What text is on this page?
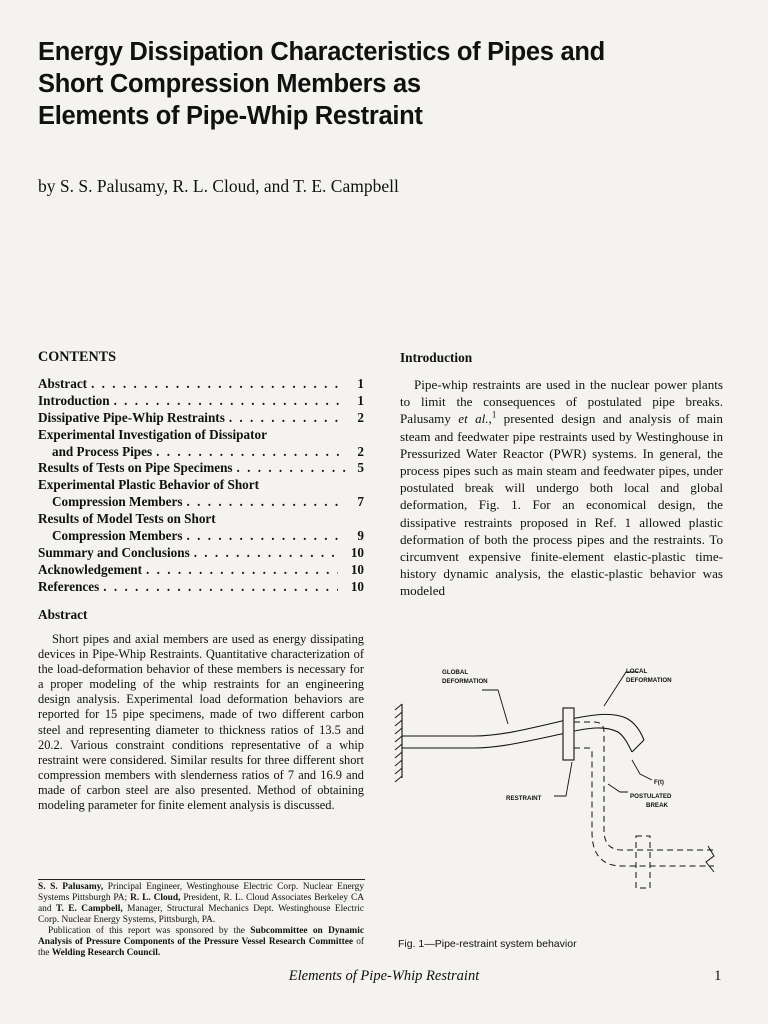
Energy Dissipation Characteristics of Pipes and
Short Compression Members as
Elements of Pipe-Whip Restraint
by S. S. Palusamy, R. L. Cloud, and T. E. Campbell
CONTENTS
Abstract . . .	1
Introduction . . .	1
Dissipative Pipe-Whip Restraints . . .	2
Experimental Investigation of Dissipator
and Process Pipes . . .	2
Results of Tests on Pipe Specimens . . .	5
Experimental Plastic Behavior of Short
Compression Members . . .	7
Results of Model Tests on Short
Compression Members . . .	9
Summary and Conclusions . . .	10
Acknowledgement . . .	10
References . . .	10
Abstract
Short pipes and axial members are used as energy dissipating devices in Pipe-Whip Restraints. Quantitative characterization of the load-deformation behavior of these members is necessary for a proper modeling of the whip restraints for an engineering design analysis. Experimental load deformation behaviors are reported for 15 pipe specimens, made of two different carbon steel and representing diameter to thickness ratios of 13.5 and 20.2. Various constraint conditions representative of a whip restraint were considered. Similar results for three different short compression members with slenderness ratios of 7 and 16.9 and made of carbon steel are also presented. Method of obtaining modeling parameter for finite element analysis is discussed.
Introduction
Pipe-whip restraints are used in the nuclear power plants to limit the consequences of postulated pipe breaks. Palusamy et al.,$^1$ presented design and analysis of main steam and feedwater pipe restraints used by Westinghouse in Pressurized Water Reactor (PWR) systems. In general, the process pipes such as main steam and feedwater pipes, under postulated break will undergo both local and global deformation, Fig. 1. For an economical design, the dissipative restraints proposed in Ref. 1 allowed plastic deformation of both the process pipes and the restraints. To circumvent expensive finite-element elastic-plastic time-history dynamic analysis, the elastic-plastic behavior was modeled
S. S. Palusamy, Principal Engineer, Westinghouse Electric Corp. Nuclear Energy Systems Pittsburgh PA; R. L. Cloud, President, R. L. Cloud Associates Berkeley CA and T. E. Campbell, Manager, Structural Mechanics Dept. Westinghouse Electric Corp. Nuclear Energy Systems, Pittsburgh, PA.
Publication of this report was sponsored by the Subcommittee on Dynamic Analysis of Pressure Components of the Pressure Vessel Research Committee of the Welding Research Council.
GLOBAL
DEFORMATION
LOCAL
DEFORMATION
RESTRAINT
F(t)
POSTULATED
BREAK
Fig. 1—Pipe-restraint system behavior
Elements of Pipe-Whip Restraint	1
